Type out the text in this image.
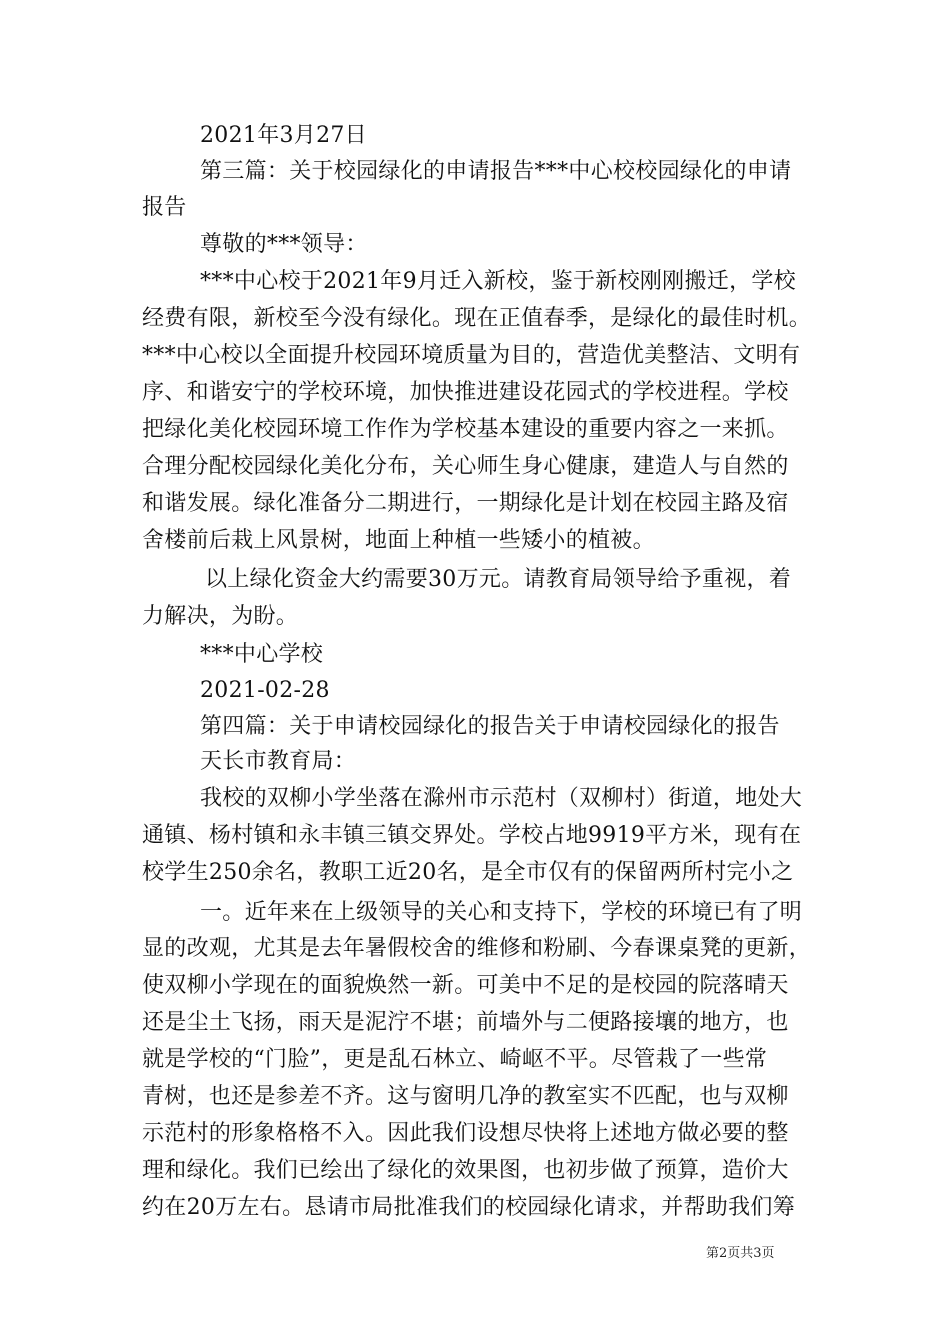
2021年3月27日
第三篇：关于校园绿化的申请报告***中心校校园绿化的申请
报告
尊敬的***领导：
***中心校于2021年9月迁入新校，鉴于新校刚刚搬迁，学校
经费有限，新校至今没有绿化。现在正值春季，是绿化的最佳时机。
***中心校以全面提升校园环境质量为目的，营造优美整洁、文明有
序、和谐安宁的学校环境，加快推进建设花园式的学校进程。学校
把绿化美化校园环境工作作为学校基本建设的重要内容之一来抓。
合理分配校园绿化美化分布，关心师生身心健康，建造人与自然的
和谐发展。绿化准备分二期进行，一期绿化是计划在校园主路及宿
舍楼前后栽上风景树，地面上种植一些矮小的植被。
以上绿化资金大约需要30万元。请教育局领导给予重视，着
力解决，为盼。
***中心学校
2021-02-28
第四篇：关于申请校园绿化的报告关于申请校园绿化的报告
天长市教育局：
我校的双柳小学坐落在滁州市示范村（双柳村）街道，地处大
通镇、杨村镇和永丰镇三镇交界处。学校占地9919平方米，现有在
校学生250余名，教职工近20名，是全市仅有的保留两所村完小之
一。近年来在上级领导的关心和支持下，学校的环境已有了明
显的改观，尤其是去年暑假校舍的维修和粉刷、今春课桌凳的更新，
使双柳小学现在的面貌焕然一新。可美中不足的是校园的院落晴天
还是尘土飞扬，雨天是泥泞不堪；前墙外与二便路接壤的地方，也
就是学校的“门脸”，更是乱石林立、崎岖不平。尽管栽了一些常
青树，也还是参差不齐。这与窗明几净的教室实不匹配，也与双柳
示范村的形象格格不入。因此我们设想尽快将上述地方做必要的整
理和绿化。我们已绘出了绿化的效果图，也初步做了预算，造价大
约在20万左右。恳请市局批准我们的校园绿化请求，并帮助我们筹
第2页共3页
